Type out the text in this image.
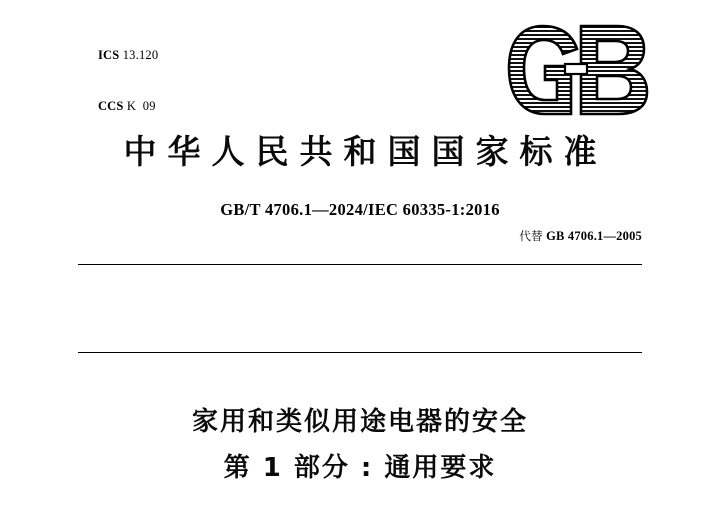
ICS 13.120

CCS K  09

中华人民共和国国家标准
GB/T 4706.1—2024/IEC 60335-1:2016
代替 GB 4706.1—2005
家用和类似用途电器的安全
第 1 部分 : 通用要求
